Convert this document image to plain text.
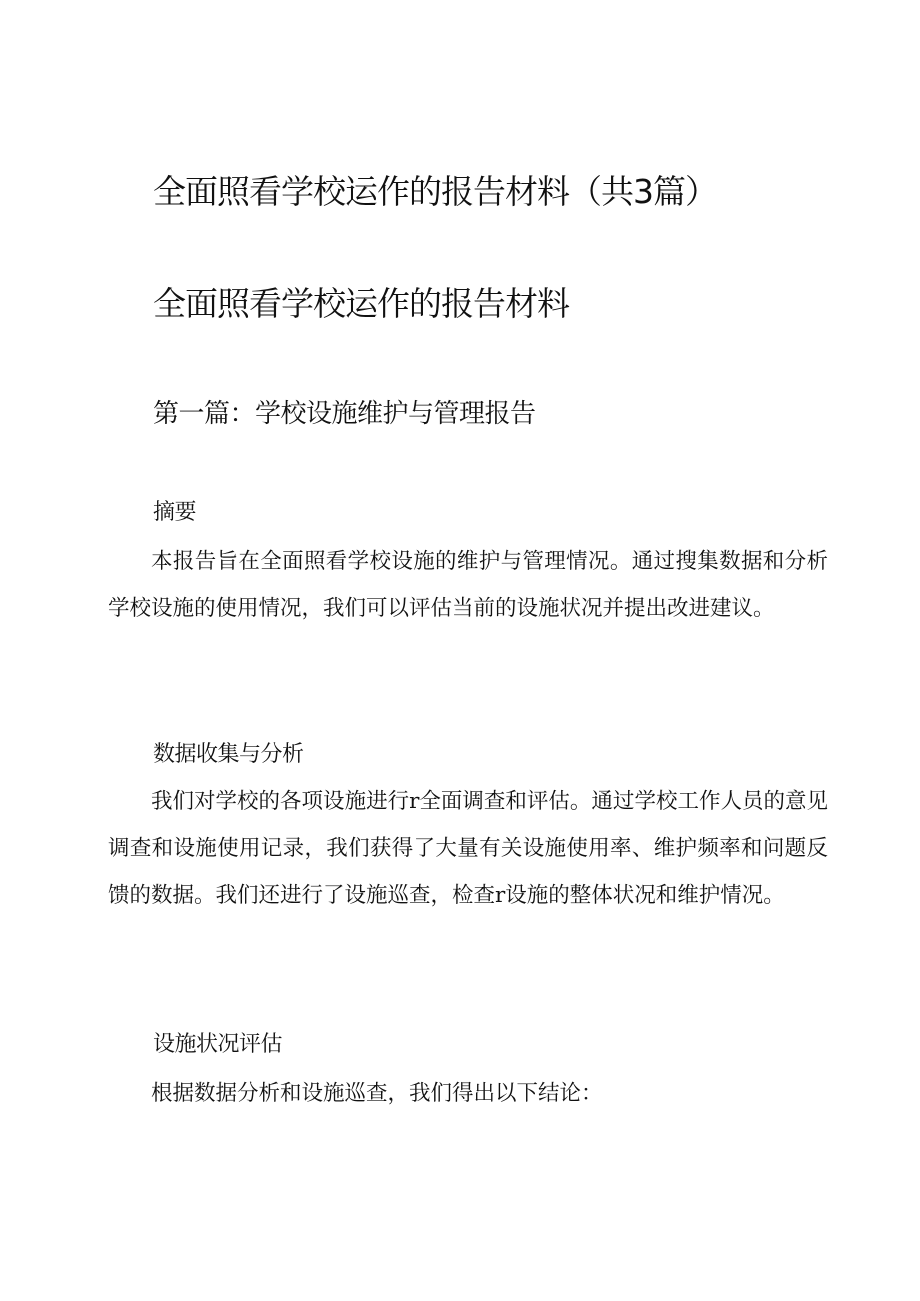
全面照看学校运作的报告材料（共3篇）
全面照看学校运作的报告材料
第一篇：学校设施维护与管理报告
摘要

本报告旨在全面照看学校设施的维护与管理情况。通过搜集数据和分析学校设施的使用情况，我们可以评估当前的设施状况并提出改进建议。

数据收集与分析

我们对学校的各项设施进行r全面调查和评估。通过学校工作人员的意见调查和设施使用记录，我们获得了大量有关设施使用率、维护频率和问题反馈的数据。我们还进行了设施巡查，检查r设施的整体状况和维护情况。

设施状况评估

根据数据分析和设施巡查，我们得出以下结论：
